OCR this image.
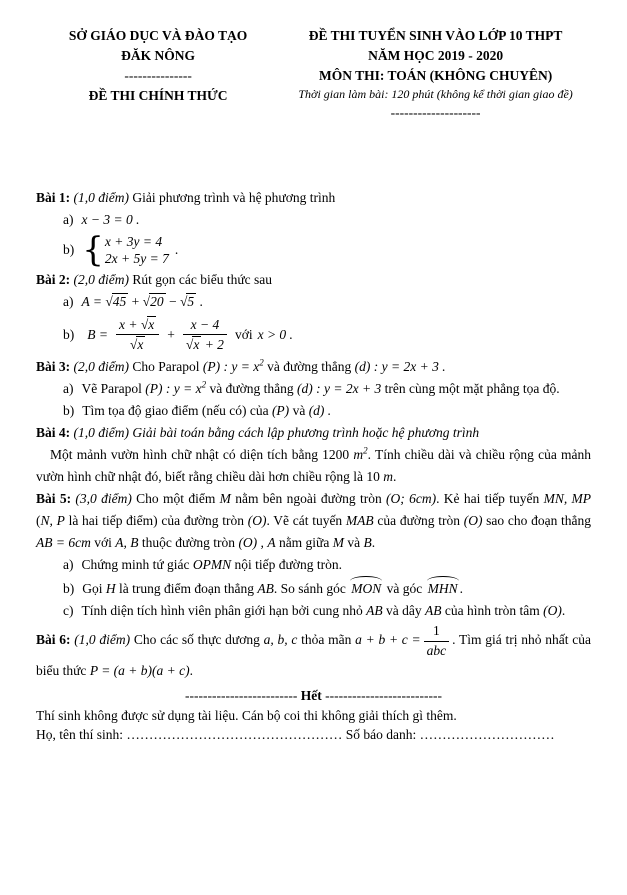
SỞ GIÁO DỤC VÀ ĐÀO TẠO
ĐĂK NÔNG
---------------
ĐỀ THI CHÍNH THỨC
ĐỀ THI TUYỂN SINH VÀO LỚP 10 THPT
NĂM HỌC 2019 - 2020
MÔN THI: TOÁN (KHÔNG CHUYÊN)
Thời gian làm bài: 120 phút (không kể thời gian giao đề)
--------------------

Bài 1: (1,0 điểm) Giải phương trình và hệ phương trình

a) x − 3 = 0 .

b) { x + 3y = 4
2x + 5y = 7
.

Bài 2: (2,0 điểm) Rút gọn các biểu thức sau

a) A = √45 + √20 − √5 .

b) $B = \frac{x + √x}{√x} + \frac{x - 4}{√x + 2}$ với x > 0 .

Bài 3: (2,0 điểm) Cho Parapol (P) : $y = x^2$ và đường thẳng (d) : y = 2x + 3 .

a) Vẽ Parapol (P) : $y = x^2$ và đường thẳng (d) : y = 2x + 3 trên cùng một mặt phẳng tọa độ.

b) Tìm tọa độ giao điểm (nếu có) của (P) và (d) .

Bài 4: (1,0 điểm) Giải bài toán bằng cách lập phương trình hoặc hệ phương trình

Một mảnh vườn hình chữ nhật có diện tích bằng 1200 $m^2$. Tính chiều dài và chiều rộng của mảnh vườn hình chữ nhật đó, biết rằng chiều dài hơn chiều rộng là 10 m.

Bài 5: (3,0 điểm) Cho một điểm M nằm bên ngoài đường tròn (O; 6cm). Kẻ hai tiếp tuyến MN, MP (N, P là hai tiếp điểm) của đường tròn (O). Vẽ cát tuyến MAB của đường tròn (O) sao cho đoạn thẳng AB = 6cm với A, B thuộc đường tròn (O) , A nằm giữa M và B.

a) Chứng minh tứ giác OPMN nội tiếp đường tròn.

b) Gọi H là trung điểm đoạn thẳng AB. So sánh góc MON và góc MHN .

c) Tính diện tích hình viên phân giới hạn bởi cung nhỏ AB và dây AB của hình tròn tâm (O).

Bài 6: (1,0 điểm) Cho các số thực dương a, b, c thỏa mãn $a + b + c = \frac{1}{\text{abc}}$ . Tìm giá trị nhỏ nhất của biểu thức P = (a + b)(a + c).

------------------------- Hết --------------------------
Thí sinh không được sử dụng tài liệu. Cán bộ coi thi không giải thích gì thêm.
Họ, tên thí sinh: ………………………………………… Số báo danh: …………………………
